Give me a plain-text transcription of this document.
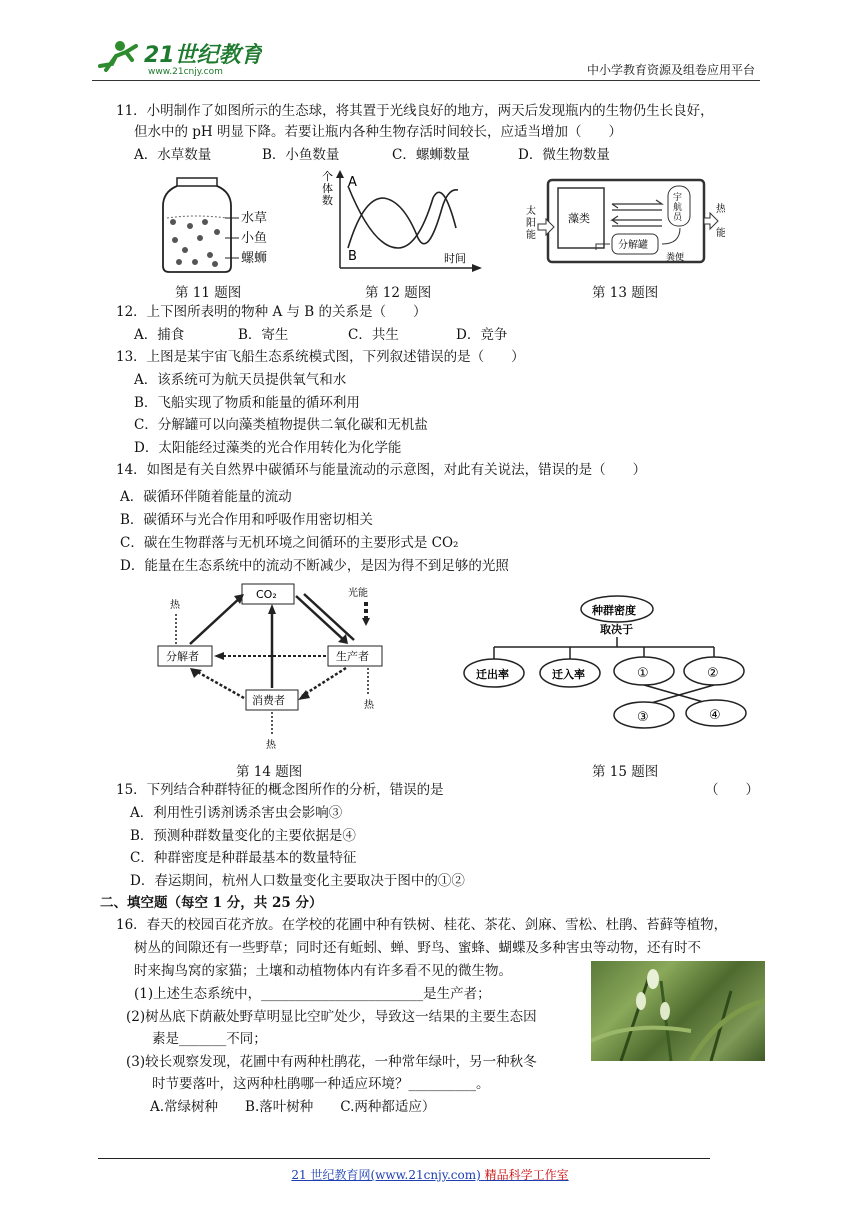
21世纪教育
www.21cnjy.com	中小学教育资源及组卷应用平台
11．小明制作了如图所示的生态球，将其置于光线良好的地方，两天后发现瓶内的生物仍生长良好，
但水中的 pH 明显下降。若要让瓶内各种生物存活时间较长，应适当增加（　　）
A．水草数量	B．小鱼数量	C．螺蛳数量	D．微生物数量
水草
小鱼
螺蛳
第 11 题图
个
体
数
A
B	时间
第 12 题图
太
阳
能
藻类
宇
航
员
热
能
分解罐
粪便
第 13 题图
12．上下图所表明的物种 A 与 B 的关系是（　　）
A．捕食	B．寄生	C．共生	D．竞争
13．上图是某宇宙飞船生态系统模式图，下列叙述错误的是（　　）
A．该系统可为航天员提供氧气和水
B．飞船实现了物质和能量的循环利用
C．分解罐可以向藻类植物提供二氧化碳和无机盐
D．太阳能经过藻类的光合作用转化为化学能
14．如图是有关自然界中碳循环与能量流动的示意图，对此有关说法，错误的是（　　）
A．碳循环伴随着能量的流动
B．碳循环与光合作用和呼吸作用密切相关
C．碳在生物群落与无机环境之间循环的主要形式是 CO₂
D．能量在生态系统中的流动不断减少，是因为得不到足够的光照
CO₂
分解者	生产者
消费者
光能
热
热
热
第 14 题图
种群密度
取决于
迁出率	迁入率	①	②
③	④
第 15 题图
15．下列结合种群特征的概念图所作的分析，错误的是	（　　）
A．利用性引诱剂诱杀害虫会影响③
B．预测种群数量变化的主要依据是④
C．种群密度是种群最基本的数量特征
D．春运期间，杭州人口数量变化主要取决于图中的①②
二、填空题（每空 1 分，共 25 分）
16．春天的校园百花齐放。在学校的花圃中种有铁树、桂花、茶花、剑麻、雪松、杜鹃、苔藓等植物，
树丛的间隙还有一些野草；同时还有蚯蚓、蝉、野鸟、蜜蜂、蝴蝶及多种害虫等动物，还有时不
时来掏鸟窝的家猫；土壤和动植物体内有许多看不见的微生物。
(1)上述生态系统中，________________________是生产者；
(2)树丛底下荫蔽处野草明显比空旷处少，导致这一结果的主要生态因
素是_______不同；
(3)较长观察发现，花圃中有两种杜鹃花，一种常年绿叶，另一种秋冬
时节要落叶，这两种杜鹃哪一种适应环境？__________。
A.常绿树种　　B.落叶树种　　C.两种都适应）
21 世纪教育网(www.21cnjy.com) 精品科学工作室
